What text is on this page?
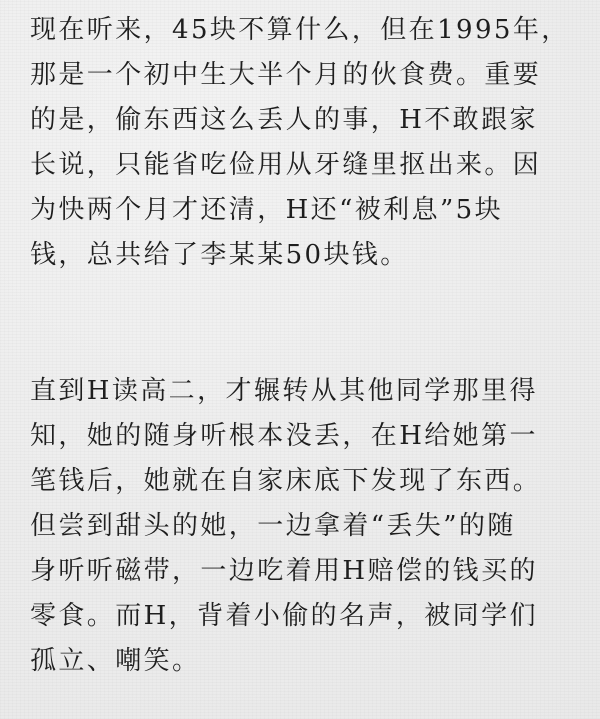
现在听来，45块不算什么，但在1995年，
那是一个初中生大半个月的伙食费。重要
的是，偷东西这么丢人的事，H不敢跟家
长说，只能省吃俭用从牙缝里抠出来。因
为快两个月才还清，H还“被利息”5块
钱，总共给了李某某50块钱。
直到H读高二，才辗转从其他同学那里得
知，她的随身听根本没丢，在H给她第一
笔钱后，她就在自家床底下发现了东西。
但尝到甜头的她，一边拿着“丢失”的随
身听听磁带，一边吃着用H赔偿的钱买的
零食。而H，背着小偷的名声，被同学们
孤立、嘲笑。
